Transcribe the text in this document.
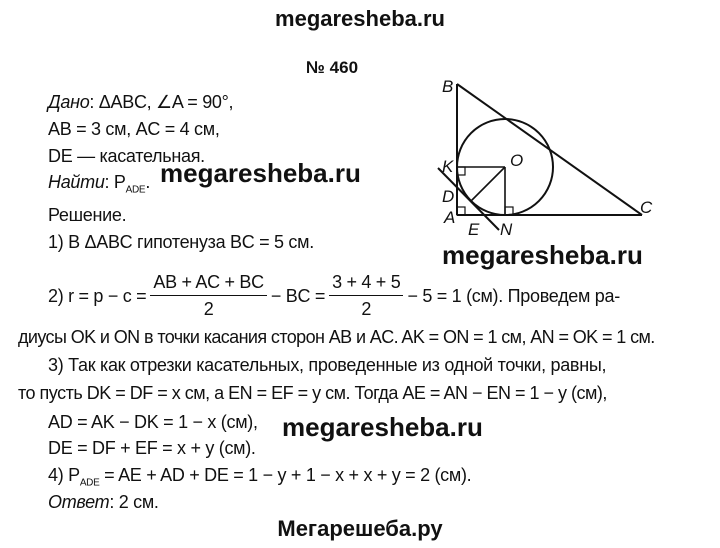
megaresheba.ru
№ 460
Дано: ΔABC, ∠A = 90°,
AB = 3 см, AC = 4 см,
DE — касательная.
Найти: $P_{ADE}$. megaresheba.ru
Решение.
1) В ΔABC гипотенуза BC = 5 см.
B
O
K
D
A
E N
C
megaresheba.ru
2) $r = p - c = \frac{AB + AC + BC}{2}$ − BC = $\frac{3 + 4 + 5}{2} - 5 = 1$ (см). Проведем ра-
диусы OK и ON в точки касания сторон AB и AC. AK = ON = 1 см, AN = OK = 1 см.
3) Так как отрезки касательных, проведенные из одной точки, равны,
то пусть DK = DF = x см, а EN = EF = y см. Тогда AE = AN − EN = 1 − y (см),
AD = AK − DK = 1 − x (см), megaresheba.ru
DE = DF + EF = x + y (см).
4) $P_{ADE}$ = AE + AD + DE = 1 − y + 1 − x + x + y = 2 (см).
Ответ: 2 см.
Мегарешеба.ру
